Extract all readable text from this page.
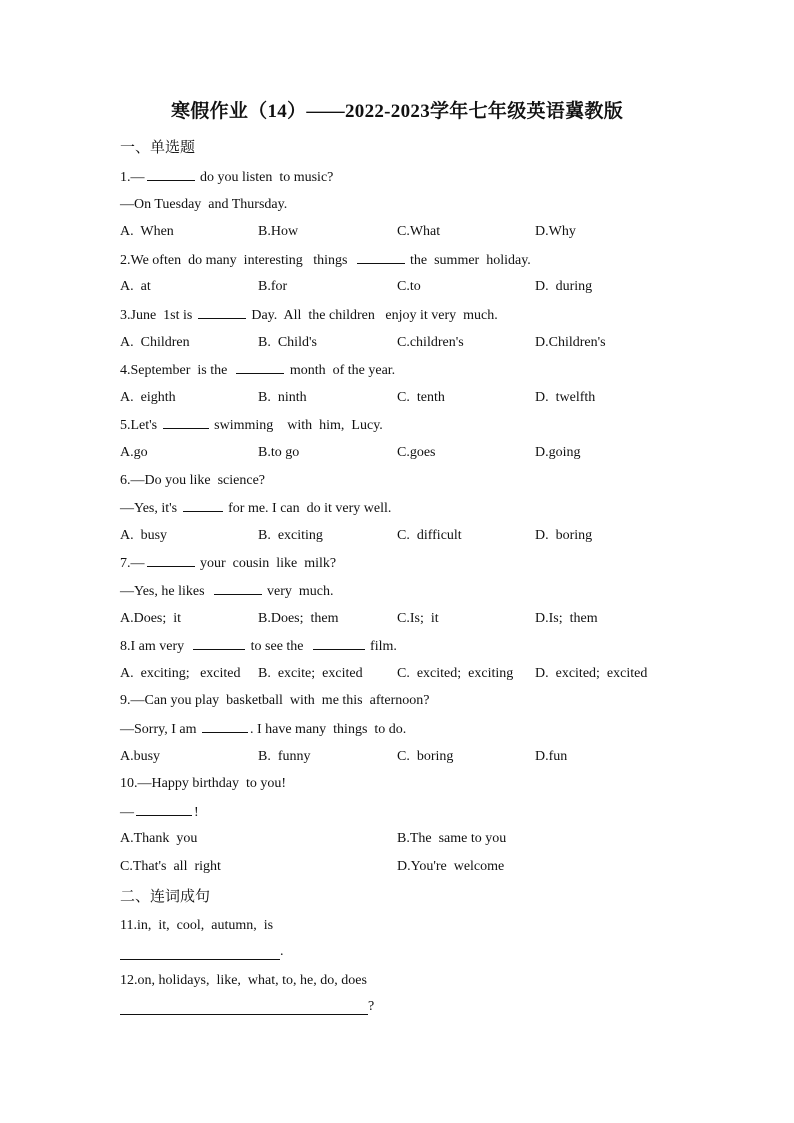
寒假作业（14）——2022-2023学年七年级英语冀教版
一、单选题
1.—	do you listen  to music?
—On Tuesday  and Thursday.
A.  When	B.How	C.What	D.Why
2.We often  do many  interesting   things	the  summer  holiday.
A.  at	B.for	C.to	D.  during
3.June  1st is	Day.  All  the children   enjoy it very  much.
A.  Children	B.  Child's	C.children's	D.Children's
4.September  is the	month  of the year.
A.  eighth	B.  ninth	C.  tenth	D.  twelfth
5.Let's	swimming    with  him,  Lucy.
A.go	B.to go	C.goes	D.going
6.—Do you like  science?
—Yes, it's	for me. I can  do it very well.
A.  busy	B.  exciting	C.  difficult	D.  boring
7.—	your  cousin  like  milk?
—Yes, he likes	very  much.
A.Does;  it	B.Does;  them	C.Is;  it	D.Is;  them
8.I am very	to see the	film.
A.  exciting;   excited B.  excite;  excited C.  excited;  exciting D.  excited;  excited
9.—Can you play  basketball  with  me this  afternoon?
—Sorry, I am	. I have many  things  to do.
A.busy	B.  funny	C.  boring	D.fun
10.—Happy birthday  to you!
—	!
A.Thank  you	B.The  same to you
C.That's  all  right	D.You're  welcome
二、连词成句
11.in,  it,  cool,  autumn,  is
.
12.on, holidays,  like,  what, to, he, do, does
?
